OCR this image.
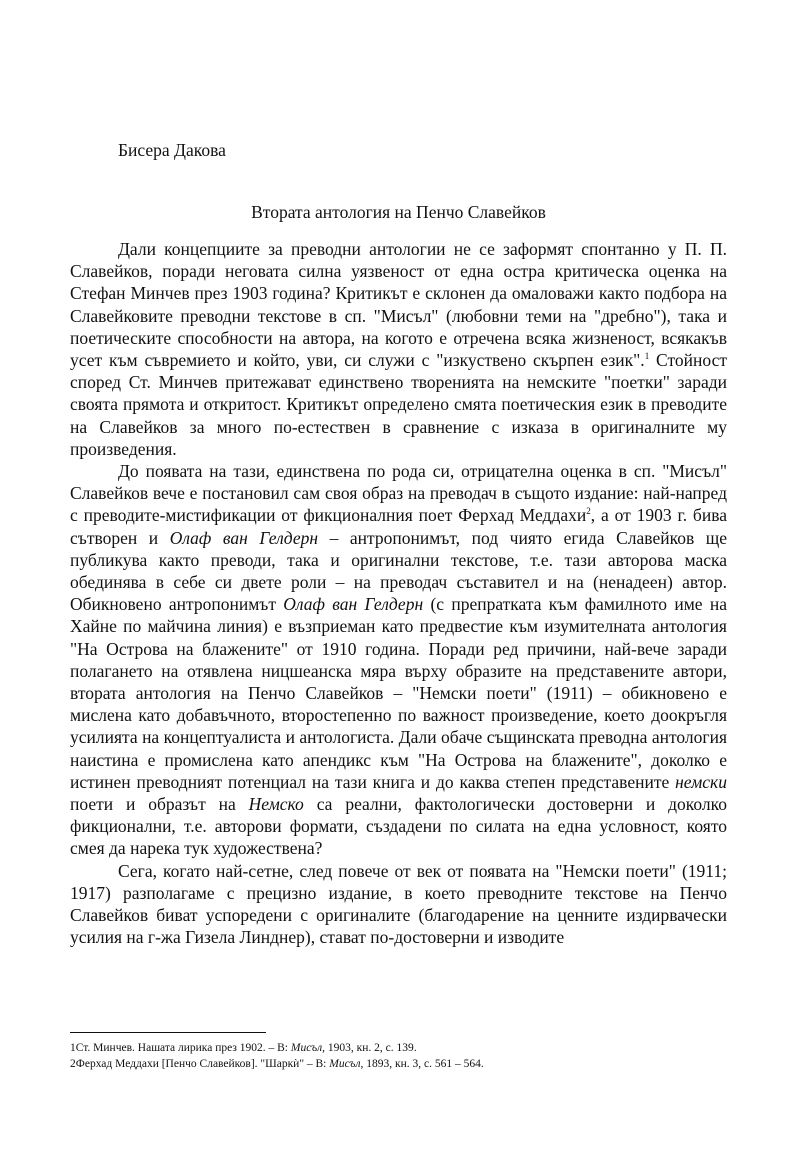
Бисера Дакова
Втората антология на Пенчо Славейков

Дали концепциите за преводни антологии не се заформят спонтанно у П. П. Славейков, поради неговата силна уязвеност от една остра критическа оценка на Стефан Минчев през 1903 година? Критикът е склонен да омаловажи както подбора на Славейковите преводни текстове в сп. "Мисъл" (любовни теми на "дребно"), така и поетическите способности на автора, на когото е отречена всяка жизненост, всякакъв усет към съвремието и който, уви, си служи с "изкуствено скърпен език".$^1$ Стойност според Ст. Минчев притежават единствено творенията на немските "поетки" заради своята прямота и откритост. Критикът определено смята поетическия език в преводите на Славейков за много по-естествен в сравнение с изказа в оригиналните му произведения.

До появата на тази, единствена по рода си, отрицателна оценка в сп. "Мисъл" Славейков вече е постановил сам своя образ на преводач в същото издание: най-напред с преводите-мистификации от фикционалния поет Ферхад Меддахи$^2$, а от 1903 г. бива сътворен и Олаф ван Гелдерн – антропонимът, под чиято егида Славейков ще публикува както преводи, така и оригинални текстове, т.е. тази авторова маска обединява в себе си двете роли – на преводач съставител и на (ненадеен) автор. Обикновено антропонимът Олаф ван Гелдерн (с препратката към фамилното име на Хайне по майчина линия) е възприеман като предвестие към изумителната антология "На Острова на блажените" от 1910 година. Поради ред причини, най-вече заради полагането на отявлена ницшеанска мяра върху образите на представените автори, втората антология на Пенчо Славейков – "Немски поети" (1911) – обикновено е мислена като добавъчното, второстепенно по важност произведение, което доокръгля усилията на концептуалиста и антологиста. Дали обаче същинската преводна антология наистина е промислена като апендикс към "На Острова на блажените", доколко е истинен преводният потенциал на тази книга и до каква степен представените немски поети и образът на Немско са реални, фактологически достоверни и доколко фикционални, т.е. авторови формати, създадени по силата на една условност, която смея да нарека тук художествена?

Сега, когато най-сетне, след повече от век от появата на "Немски поети" (1911; 1917) разполагаме с прецизно издание, в което преводните текстове на Пенчо Славейков биват успоредени с оригиналите (благодарение на ценните издирвачески усилия на г-жа Гизела Линднер), стават по-достоверни и изводите

1Ст. Минчев. Нашата лирика през 1902. – В: Мисъл, 1903, кн. 2, с. 139.
2Ферхад Меддахи [Пенчо Славейков]. "Шаркѝ" – В: Мисъл, 1893, кн. 3, с. 561 – 564.
